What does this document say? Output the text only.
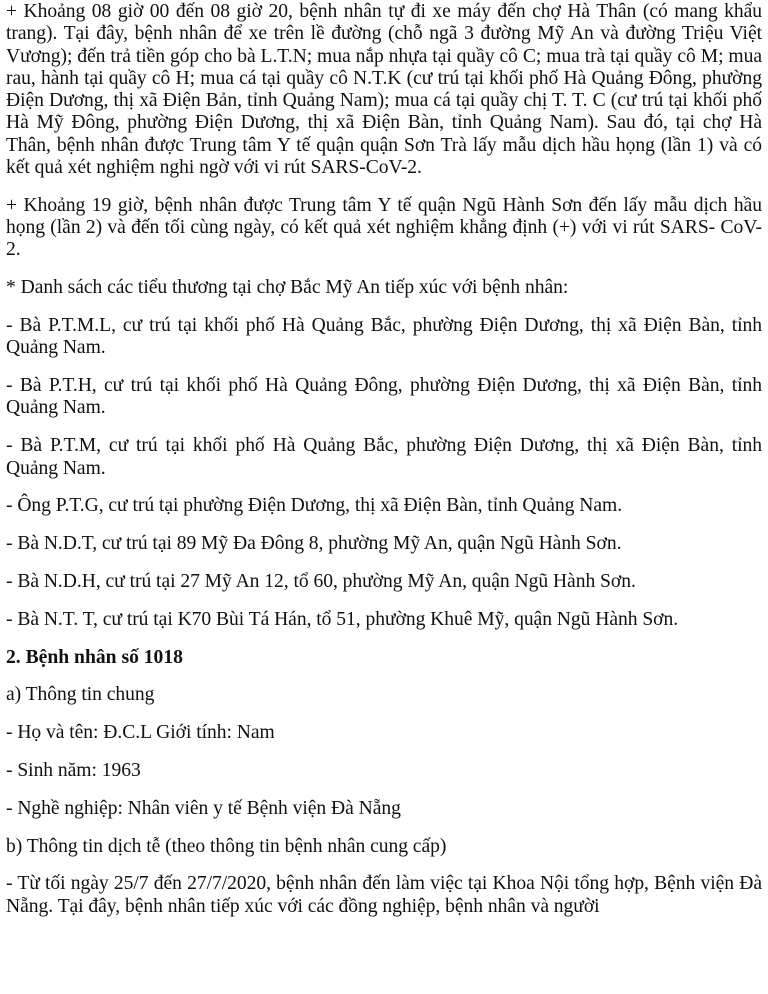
+ Khoảng 08 giờ 00 đến 08 giờ 20, bệnh nhân tự đi xe máy đến chợ Hà Thân (có mang khẩu trang). Tại đây, bệnh nhân để xe trên lề đường (chỗ ngã 3 đường Mỹ An và đường Triệu Việt Vương); đến trả tiền góp cho bà L.T.N; mua nắp nhựa tại quầy cô C; mua trà tại quầy cô M; mua rau, hành tại quầy cô H; mua cá tại quầy cô N.T.K (cư trú tại khối phố Hà Quảng Đông, phường Điện Dương, thị xã Điện Bản, tỉnh Quảng Nam); mua cá tại quầy chị T. T. C (cư trú tại khối phố Hà Mỹ Đông, phường Điện Dương, thị xã Điện Bàn, tỉnh Quảng Nam). Sau đó, tại chợ Hà Thân, bệnh nhân được Trung tâm Y tế quận quận Sơn Trà lấy mẫu dịch hầu họng (lần 1) và có kết quả xét nghiệm nghi ngờ với vi rút SARS-CoV-2.

+ Khoảng 19 giờ, bệnh nhân được Trung tâm Y tế quận Ngũ Hành Sơn đến lấy mẫu dịch hầu họng (lần 2) và đến tối cùng ngày, có kết quả xét nghiệm khẳng định (+) với vi rút SARS- CoV-2.

* Danh sách các tiểu thương tại chợ Bắc Mỹ An tiếp xúc với bệnh nhân:

- Bà P.T.M.L, cư trú tại khối phố Hà Quảng Bắc, phường Điện Dương, thị xã Điện Bàn, tỉnh Quảng Nam.

- Bà P.T.H, cư trú tại khối phố Hà Quảng Đông, phường Điện Dương, thị xã Điện Bàn, tỉnh Quảng Nam.

- Bà P.T.M, cư trú tại khối phố Hà Quảng Bắc, phường Điện Dương, thị xã Điện Bàn, tỉnh Quảng Nam.

- Ông P.T.G, cư trú tại phường Điện Dương, thị xã Điện Bàn, tỉnh Quảng Nam.

- Bà N.D.T, cư trú tại 89 Mỹ Đa Đông 8, phường Mỹ An, quận Ngũ Hành Sơn.

- Bà N.D.H, cư trú tại 27 Mỹ An 12, tổ 60, phường Mỹ An, quận Ngũ Hành Sơn.

- Bà N.T. T, cư trú tại K70 Bùi Tá Hán, tổ 51, phường Khuê Mỹ, quận Ngũ Hành Sơn.

2. Bệnh nhân số 1018

a) Thông tin chung

- Họ và tên: Đ.C.L Giới tính: Nam

- Sinh năm: 1963

- Nghề nghiệp: Nhân viên y tế Bệnh viện Đà Nẵng

b) Thông tin dịch tễ (theo thông tin bệnh nhân cung cấp)

- Từ tối ngày 25/7 đến 27/7/2020, bệnh nhân đến làm việc tại Khoa Nội tổng hợp, Bệnh viện Đà Nẵng. Tại đây, bệnh nhân tiếp xúc với các đồng nghiệp, bệnh nhân và người
